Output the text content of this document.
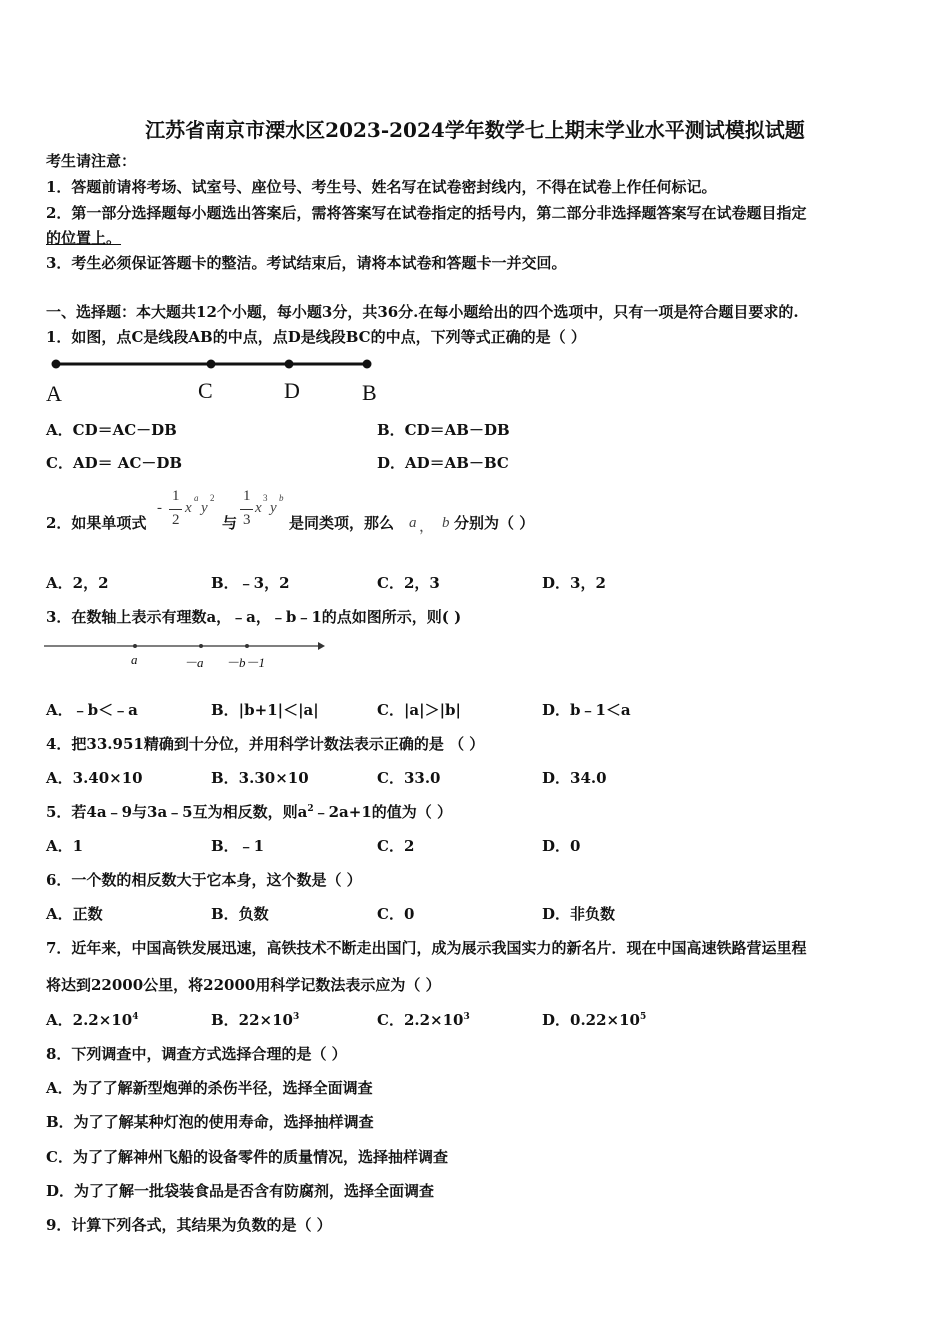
江苏省南京市溧水区2023-2024学年数学七上期末学业水平测试模拟试题
考生请注意：
1．答题前请将考场、试室号、座位号、考生号、姓名写在试卷密封线内，不得在试卷上作任何标记。
2．第一部分选择题每小题选出答案后，需将答案写在试卷指定的括号内，第二部分非选择题答案写在试卷题目指定
的位置上。
3．考生必须保证答题卡的整洁。考试结束后，请将本试卷和答题卡一并交回。
一、选择题：本大题共12个小题，每小题3分，共36分.在每小题给出的四个选项中，只有一项是符合题目要求的.
1．如图，点C是线段AB的中点，点D是线段BC的中点，下列等式正确的是（ ）
A	C	D	B
A．CD＝AC－DB	B．CD＝AB－DB
C．AD＝ AC－DB	D．AD＝AB－BC
2．如果单项式
-
1
2
x
a
y
2
与
1
3
x
3
y
b
是同类项，那么 a ， b 分别为（ ）
A．2，2	B．﹣3，2	C．2，3	D．3，2
3．在数轴上表示有理数a，﹣a，﹣b﹣1的点如图所示，则( )
a	－a －b－1
A．﹣b＜﹣a	B．|b+1|＜|a|	C．|a|＞|b|	D．b﹣1＜a
4．把33.951精确到十分位，并用科学计数法表示正确的是 （ ）
A．3.40×10	B．3.30×10	C．33.0	D．34.0
5．若4a﹣9与3a﹣5互为相反数，则$a^2﹣2a+1$的值为（ ）
A．1	B．﹣1	C．2	D．0
6．一个数的相反数大于它本身，这个数是（ ）
A．正数	B．负数	C．0	D．非负数
7．近年来，中国高铁发展迅速，高铁技术不断走出国门，成为展示我国实力的新名片．现在中国高速铁路营运里程
将达到22000公里，将22000用科学记数法表示应为（ ）
A．$2.2\times 10^4$	B．$22\times 10^3$	C．$2.2\times 10^3$	D．$0.22\times 10^5$
8．下列调查中，调查方式选择合理的是（ ）
A．为了了解新型炮弹的杀伤半径，选择全面调查
B．为了了解某种灯泡的使用寿命，选择抽样调查
C．为了了解神州飞船的设备零件的质量情况，选择抽样调查
D．为了了解一批袋装食品是否含有防腐剂，选择全面调查
9．计算下列各式，其结果为负数的是（ ）
